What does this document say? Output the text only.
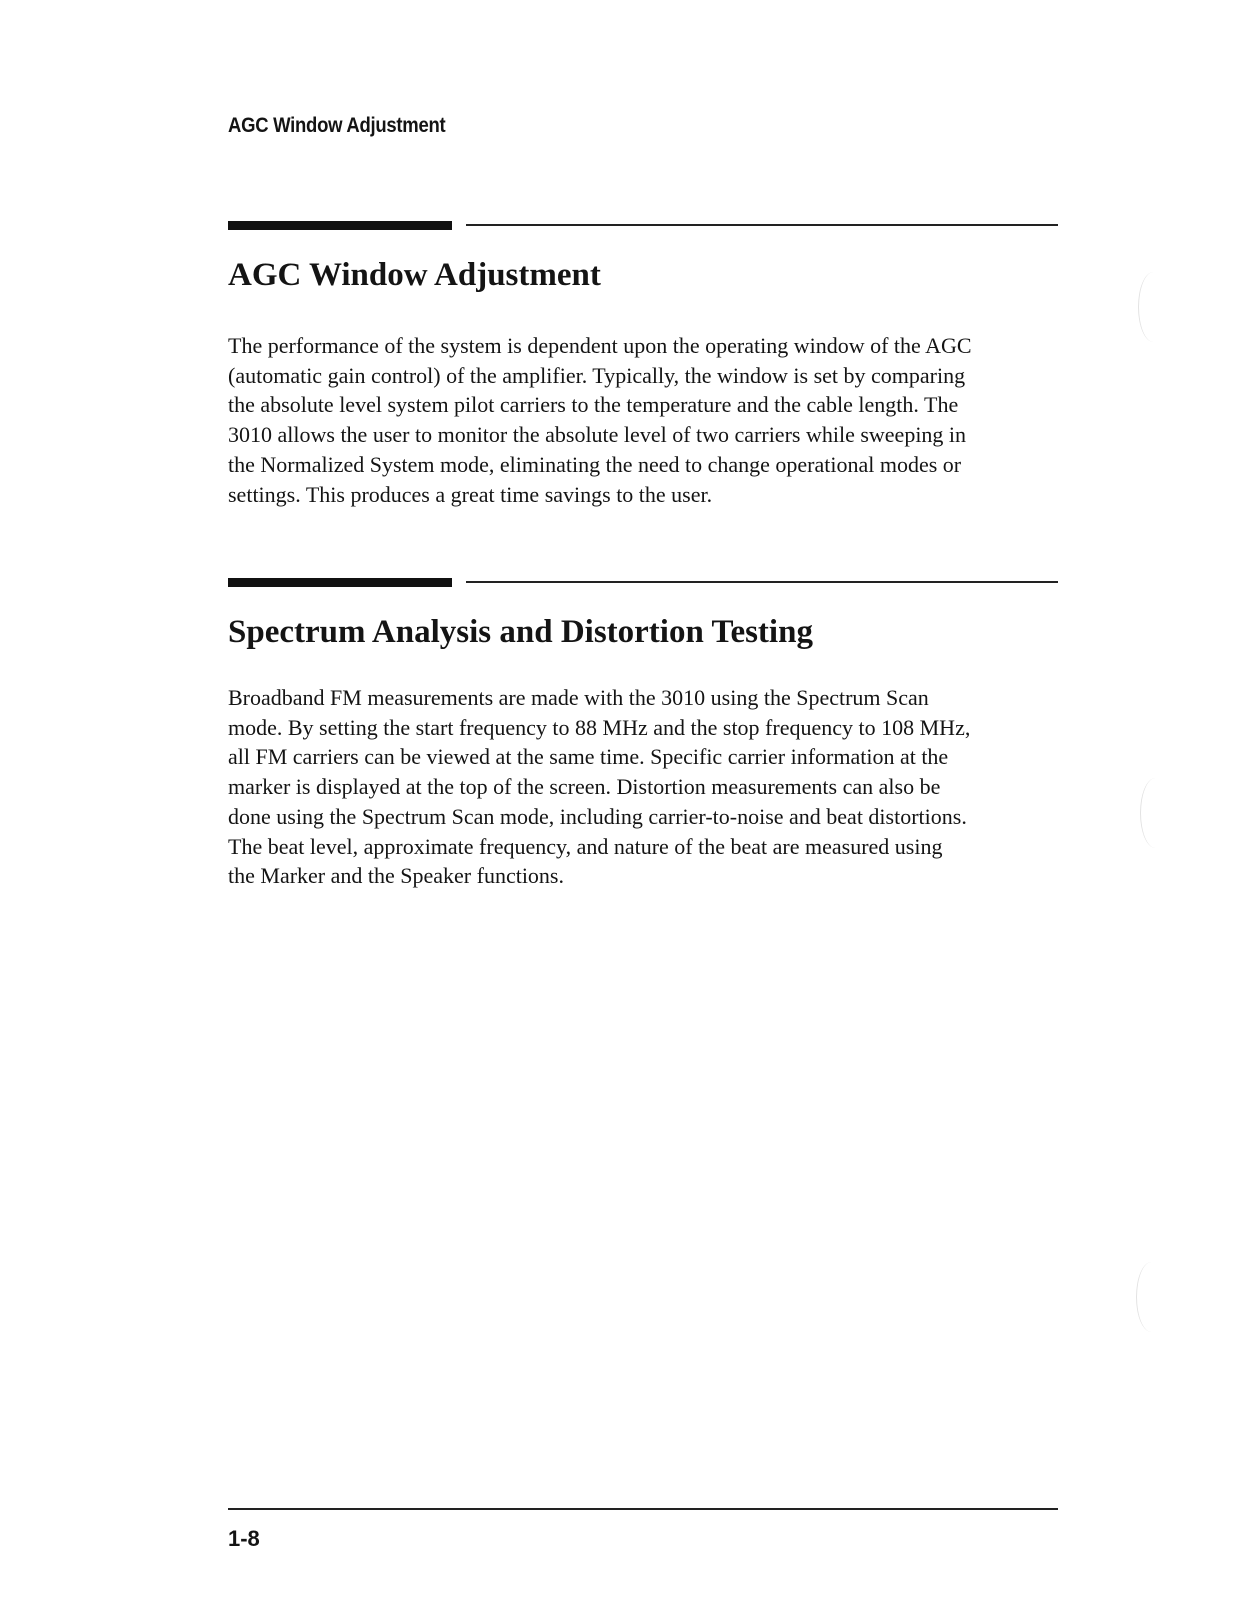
AGC Window Adjustment
AGC Window Adjustment
The performance of the system is dependent upon the operating window of the AGC
(automatic gain control) of the amplifier. Typically, the window is set by comparing
the absolute level system pilot carriers to the temperature and the cable length. The
3010 allows the user to monitor the absolute level of two carriers while sweeping in
the Normalized System mode, eliminating the need to change operational modes or
settings. This produces a great time savings to the user.
Spectrum Analysis and Distortion Testing
Broadband FM measurements are made with the 3010 using the Spectrum Scan
mode. By setting the start frequency to 88 MHz and the stop frequency to 108 MHz,
all FM carriers can be viewed at the same time. Specific carrier information at the
marker is displayed at the top of the screen. Distortion measurements can also be
done using the Spectrum Scan mode, including carrier-to-noise and beat distortions.
The beat level, approximate frequency, and nature of the beat are measured using
the Marker and the Speaker functions.
1-8
